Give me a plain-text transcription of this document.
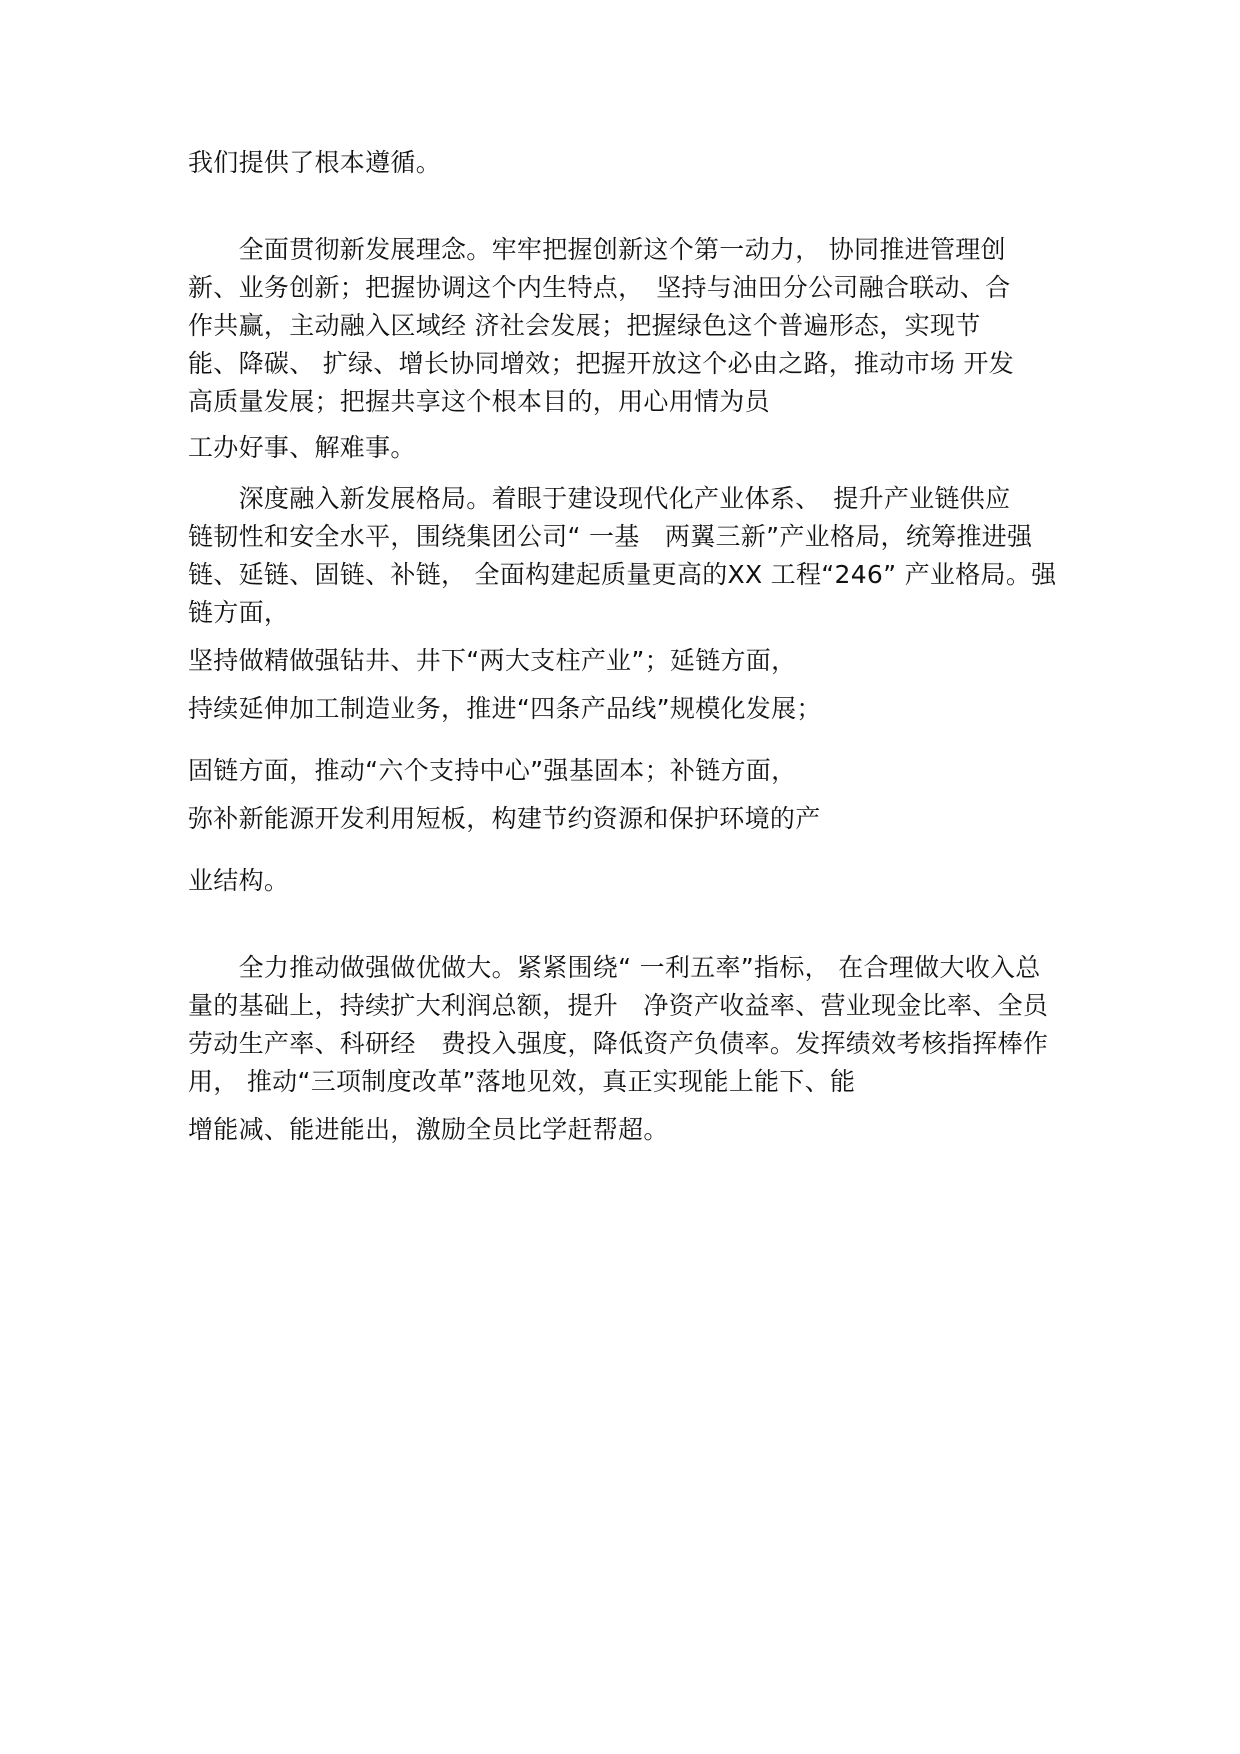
我们提供了根本遵循。
　　全面贯彻新发展理念。牢牢把握创新这个第一动力， 协同推进管理创
新、业务创新；把握协调这个内生特点，　坚持与油田分公司融合联动、合
作共赢，主动融入区域经 济社会发展；把握绿色这个普遍形态，实现节
能、降碳、 扩绿、增长协同增效；把握开放这个必由之路，推动市场 开发
高质量发展；把握共享这个根本目的，用心用情为员
工办好事、解难事。
　　深度融入新发展格局。着眼于建设现代化产业体系、　提升产业链供应
链韧性和安全水平，围绕集团公司“ 一基　两翼三新”产业格局，统筹推进强
链、延链、固链、补链， 全面构建起质量更高的XX 工程“246” 产业格局。强
链方面，
坚持做精做强钻井、井下“两大支柱产业”；延链方面，
持续延伸加工制造业务，推进“四条产品线”规模化发展；
固链方面，推动“六个支持中心”强基固本；补链方面，
弥补新能源开发利用短板，构建节约资源和保护环境的产
业结构。
　　全力推动做强做优做大。紧紧围绕“ 一利五率”指标， 在合理做大收入总
量的基础上，持续扩大利润总额，提升　净资产收益率、营业现金比率、全员
劳动生产率、科研经　费投入强度，降低资产负债率。发挥绩效考核指挥棒作
用， 推动“三项制度改革”落地见效，真正实现能上能下、能
增能减、能进能出，激励全员比学赶帮超。
